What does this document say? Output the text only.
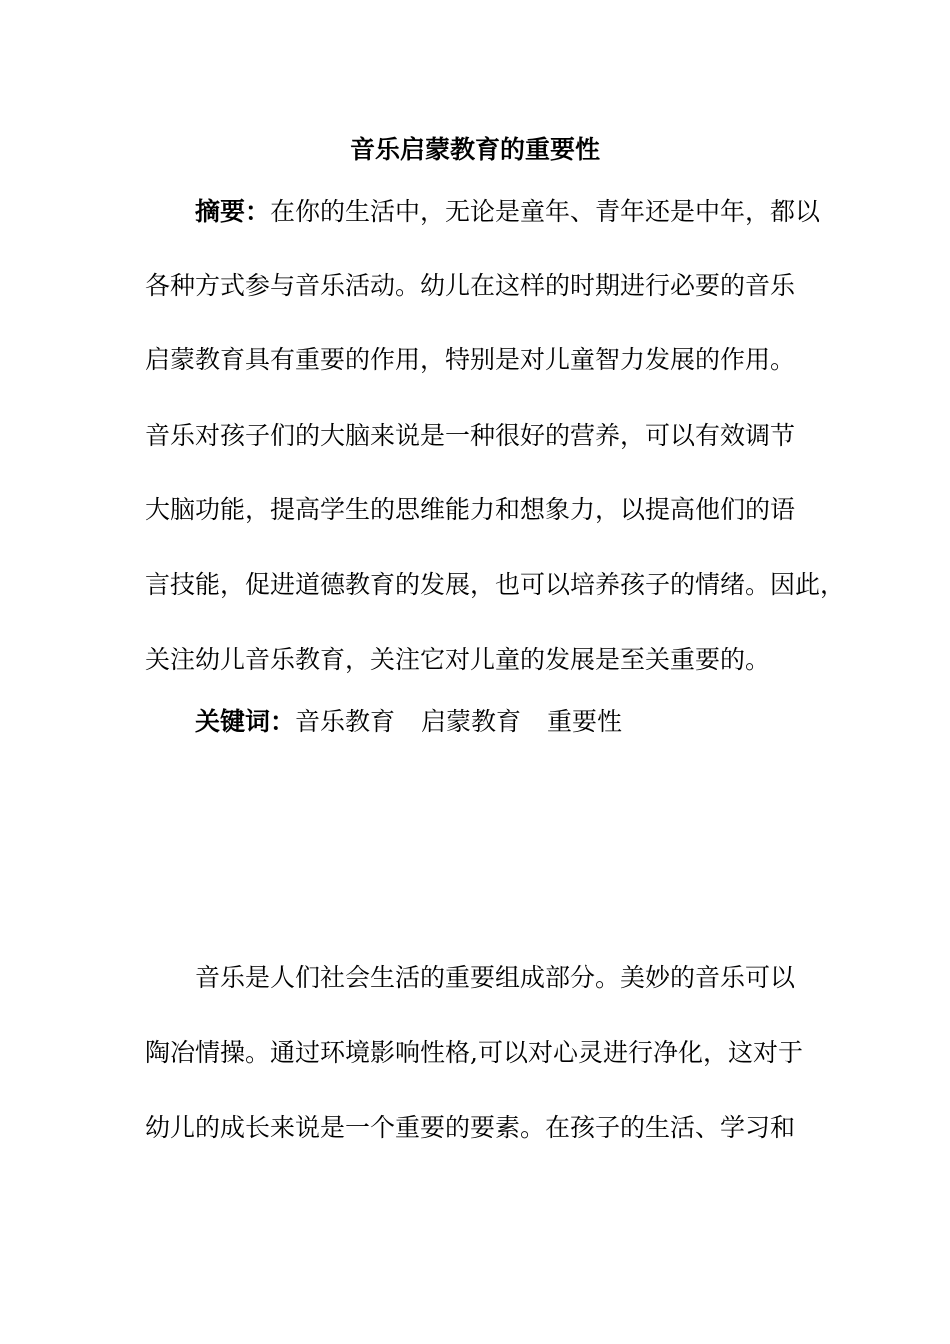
音乐启蒙教育的重要性
摘要：在你的生活中，无论是童年、青年还是中年，都以
各种方式参与音乐活动。幼儿在这样的时期进行必要的音乐
启蒙教育具有重要的作用，特别是对儿童智力发展的作用。
音乐对孩子们的大脑来说是一种很好的营养，可以有效调节
大脑功能，提高学生的思维能力和想象力，以提高他们的语
言技能，促进道德教育的发展，也可以培养孩子的情绪。因此，
关注幼儿音乐教育，关注它对儿童的发展是至关重要的。
关键词：音乐教育 启蒙教育 重要性
音乐是人们社会生活的重要组成部分。美妙的音乐可以
陶冶情操。通过环境影响性格,可以对心灵进行净化，这对于
幼儿的成长来说是一个重要的要素。在孩子的生活、学习和
